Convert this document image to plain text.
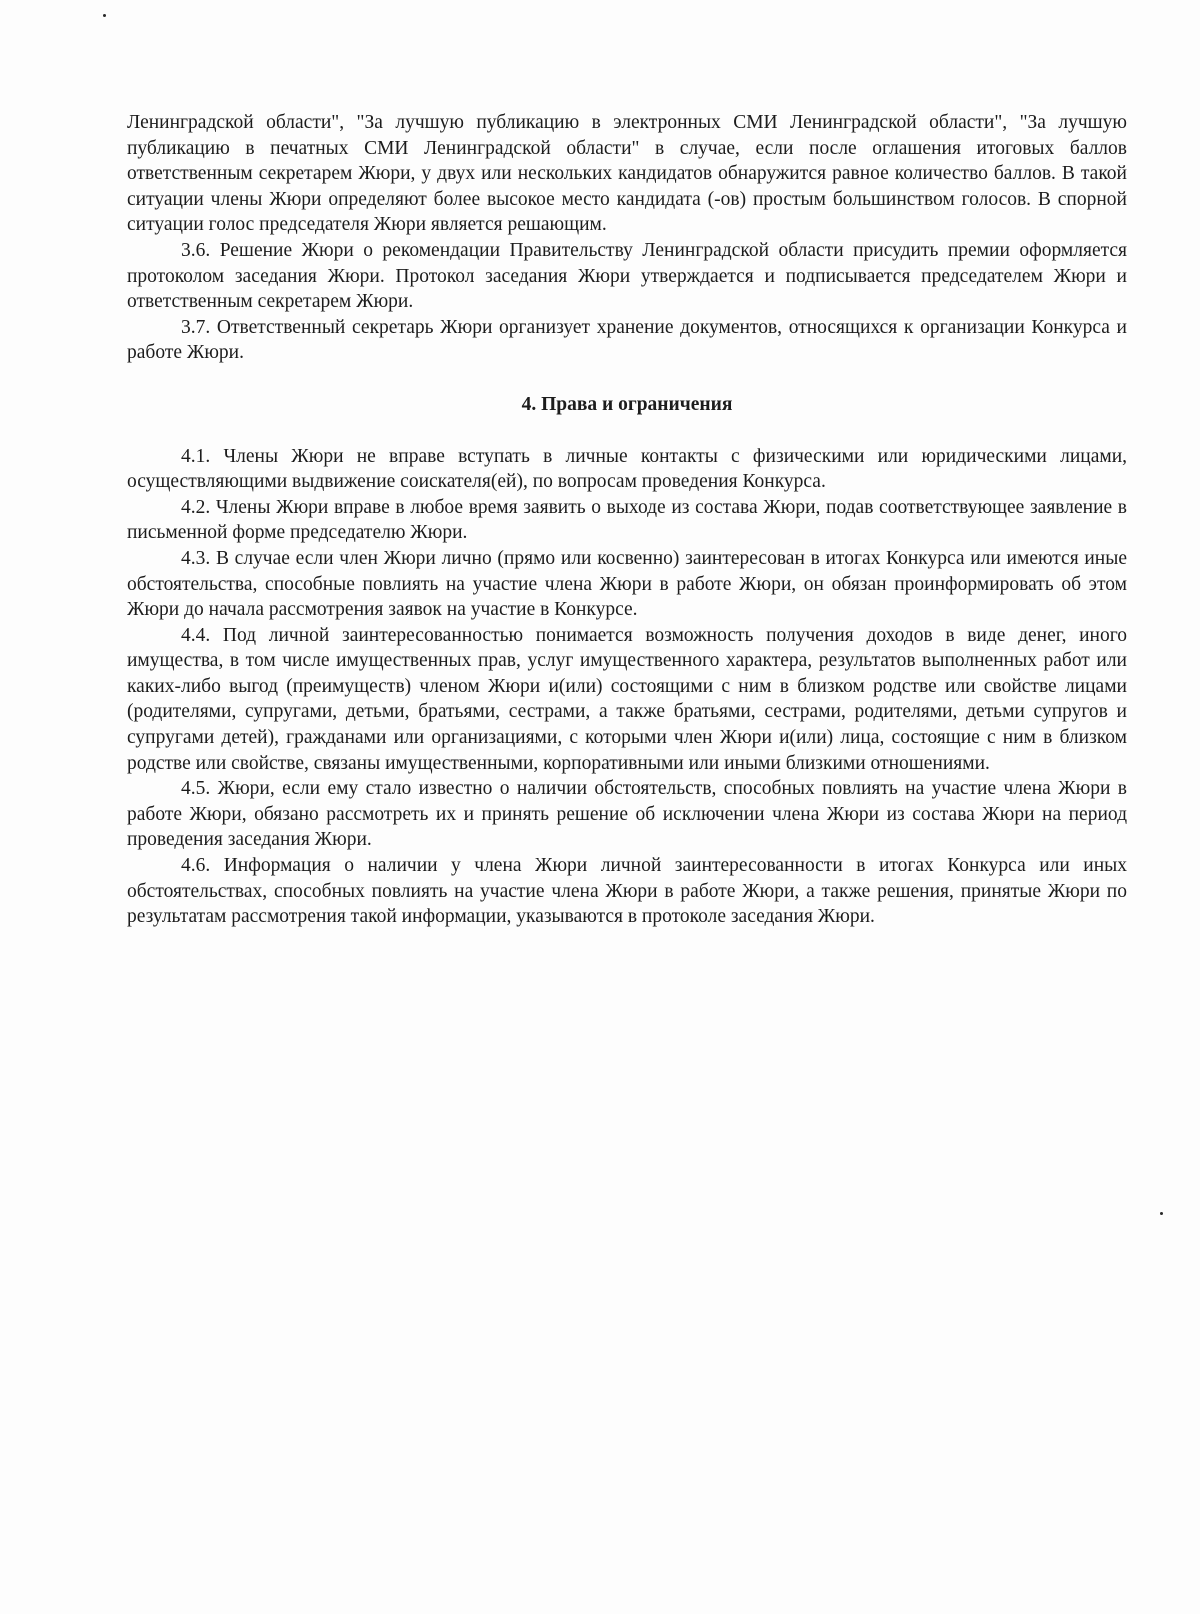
Ленинградской области", "За лучшую публикацию в электронных СМИ Ленинградской области", "За лучшую публикацию в печатных СМИ Ленинградской области" в случае, если после оглашения итоговых баллов ответственным секретарем Жюри, у двух или нескольких кандидатов обнаружится равное количество баллов. В такой ситуации члены Жюри определяют более высокое место кандидата (-ов) простым большинством голосов. В спорной ситуации голос председателя Жюри является решающим.

3.6. Решение Жюри о рекомендации Правительству Ленинградской области присудить премии оформляется протоколом заседания Жюри. Протокол заседания Жюри утверждается и подписывается председателем Жюри и ответственным секретарем Жюри.

3.7. Ответственный секретарь Жюри организует хранение документов, относящихся к организации Конкурса и работе Жюри.

4. Права и ограничения

4.1. Члены Жюри не вправе вступать в личные контакты с физическими или юридическими лицами, осуществляющими выдвижение соискателя(ей), по вопросам проведения Конкурса.

4.2. Члены Жюри вправе в любое время заявить о выходе из состава Жюри, подав соответствующее заявление в письменной форме председателю Жюри.

4.3. В случае если член Жюри лично (прямо или косвенно) заинтересован в итогах Конкурса или имеются иные обстоятельства, способные повлиять на участие члена Жюри в работе Жюри, он обязан проинформировать об этом Жюри до начала рассмотрения заявок на участие в Конкурсе.

4.4. Под личной заинтересованностью понимается возможность получения доходов в виде денег, иного имущества, в том числе имущественных прав, услуг имущественного характера, результатов выполненных работ или каких-либо выгод (преимуществ) членом Жюри и(или) состоящими с ним в близком родстве или свойстве лицами (родителями, супругами, детьми, братьями, сестрами, а также братьями, сестрами, родителями, детьми супругов и супругами детей), гражданами или организациями, с которыми член Жюри и(или) лица, состоящие с ним в близком родстве или свойстве, связаны имущественными, корпоративными или иными близкими отношениями.

4.5. Жюри, если ему стало известно о наличии обстоятельств, способных повлиять на участие члена Жюри в работе Жюри, обязано рассмотреть их и принять решение об исключении члена Жюри из состава Жюри на период проведения заседания Жюри.

4.6. Информация о наличии у члена Жюри личной заинтересованности в итогах Конкурса или иных обстоятельствах, способных повлиять на участие члена Жюри в работе Жюри, а также решения, принятые Жюри по результатам рассмотрения такой информации, указываются в протоколе заседания Жюри.
